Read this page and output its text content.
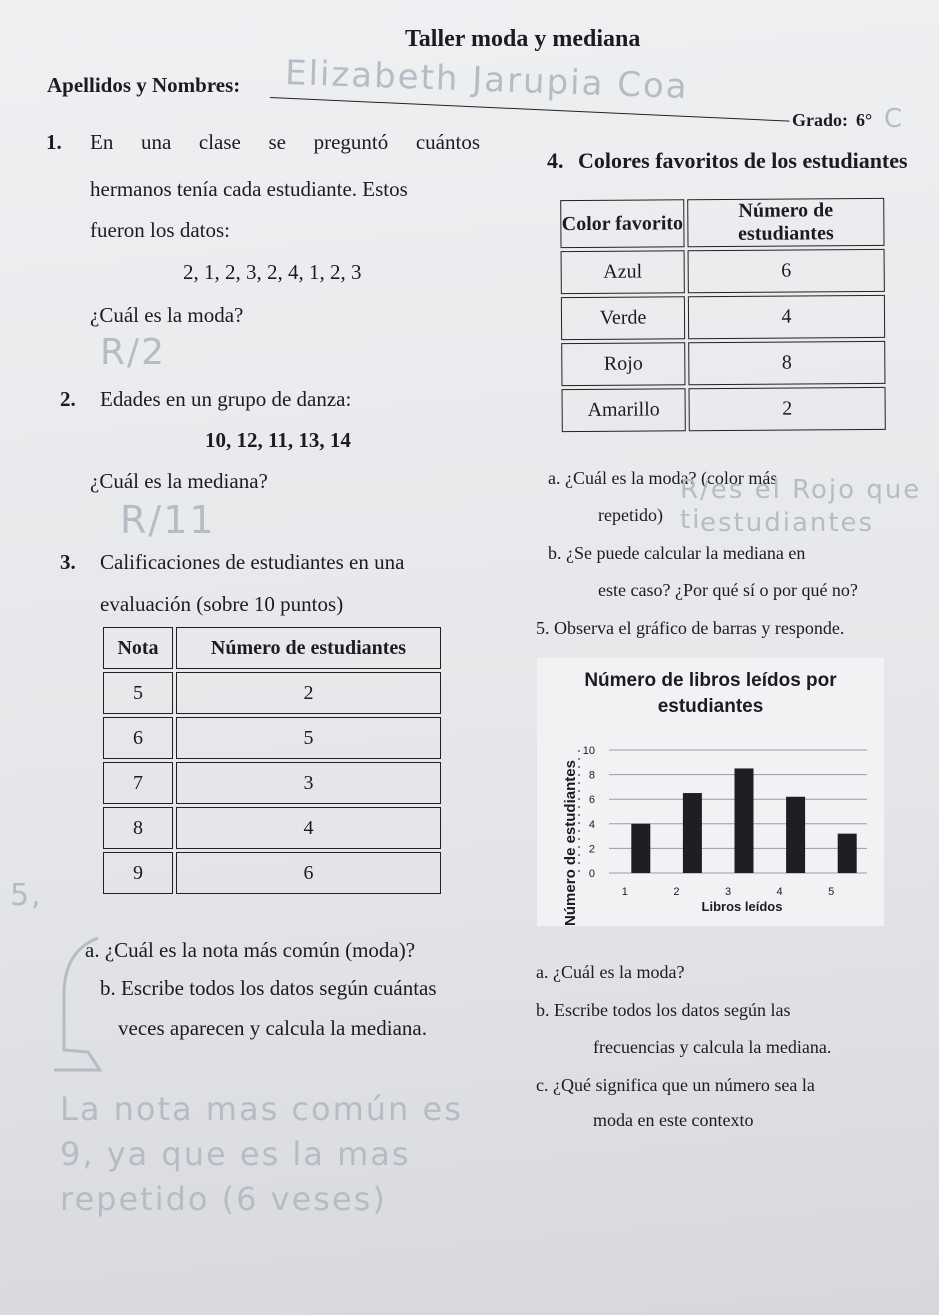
Taller moda y mediana
Apellidos y Nombres: Elizabeth Jarupia Coa
Grado: 6° C
1. En una clase se preguntó cuántos
hermanos tenía cada estudiante. Estos
fueron los datos:
2, 1, 2, 3, 2, 4, 1, 2, 3
¿Cuál es la moda?
R/2
2. Edades en un grupo de danza:
10, 12, 11, 13, 14
¿Cuál es la mediana?
R/11
3. Calificaciones de estudiantes en una
evaluación (sobre 10 puntos)
Nota	Número de estudiantes
5	2
6	5
7	3
8	4
9	6
5,
a. ¿Cuál es la nota más común (moda)?
b. Escribe todos los datos según cuántas
veces aparecen y calcula la mediana.
La nota mas común es
9, ya que es la mas
repetido (6 veses)
4. Colores favoritos de los estudiantes
Color favorito	Número de estudiantes
Azul	6
Verde	4
Rojo	8
Amarillo	2
a. ¿Cuál es la moda? (color más
repetido)
R/es el Rojo que ti
estudiantes
b. ¿Se puede calcular la mediana en
este caso? ¿Por qué sí o por qué no?
5. Observa el gráfico de barras y responde.
Número de libros leídos por
estudiantes
Número de estudiantes	Libros leídos
0
2
4
6
8
10
1	2	3	4	5
a. ¿Cuál es la moda?
b. Escribe todos los datos según las
frecuencias y calcula la mediana.
c. ¿Qué significa que un número sea la
moda en este contexto
